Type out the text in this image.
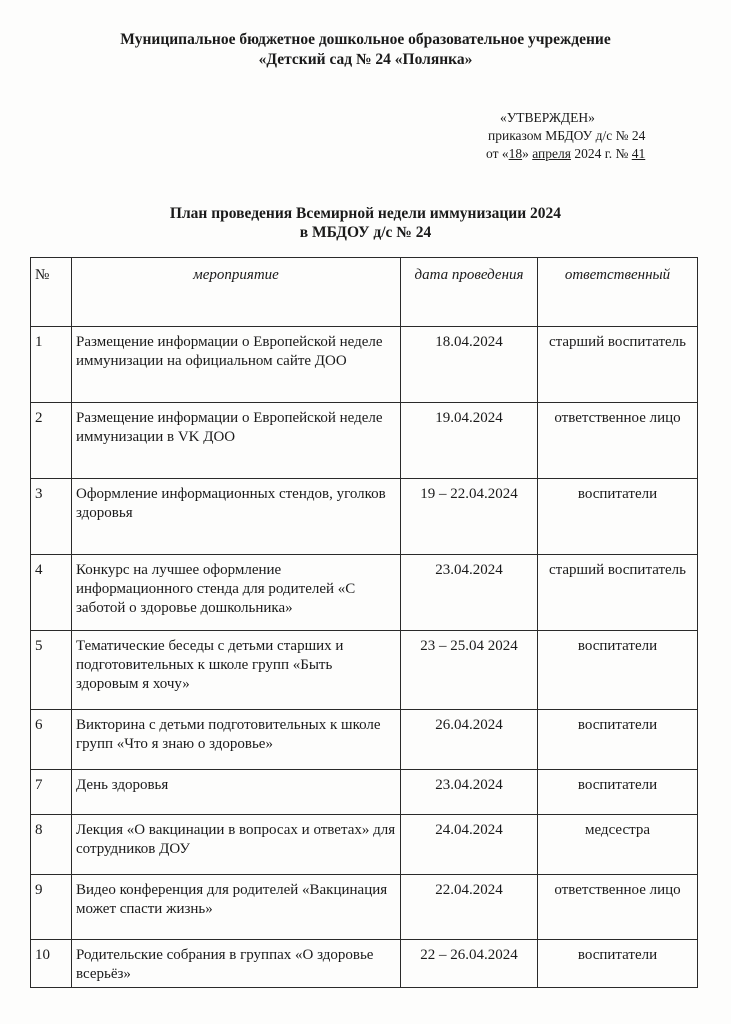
Муниципальное бюджетное дошкольное образовательное учреждение
«Детский сад № 24 «Полянка»
«УТВЕРЖДЕН»
приказом МБДОУ д/с № 24
от «18» апреля 2024 г. № 41
План проведения Всемирной недели иммунизации 2024
в МБДОУ д/с № 24
№	мероприятие	дата проведения	ответственный
1	Размещение информации о Европейской неделе иммунизации на официальном сайте ДОО	18.04.2024	старший воспитатель
2	Размещение информации о Европейской неделе иммунизации в VK ДОО	19.04.2024	ответственное лицо
3	Оформление информационных стендов, уголков здоровья	19 – 22.04.2024	воспитатели
4	Конкурс на лучшее оформление информационного стенда для родителей «С заботой о здоровье дошкольника»	23.04.2024	старший воспитатель
5	Тематические беседы с детьми старших и подготовительных к школе групп «Быть здоровым я хочу»	23 – 25.04 2024	воспитатели
6	Викторина с детьми подготовительных к школе групп «Что я знаю о здоровье»	26.04.2024	воспитатели
7	День здоровья	23.04.2024	воспитатели
8	Лекция «О вакцинации в вопросах и ответах» для сотрудников ДОУ	24.04.2024	медсестра
9	Видео конференция для родителей «Вакцинация может спасти жизнь»	22.04.2024	ответственное лицо
10	Родительские собрания в группах «О здоровье всерьёз»	22 – 26.04.2024	воспитатели
